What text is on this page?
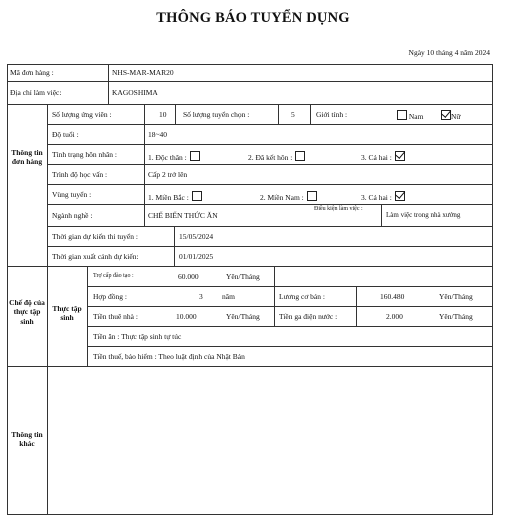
THÔNG BÁO TUYỂN DỤNG
Ngày 10 tháng 4 năm 2024
Mã đơn hàng :	NHS-MAR-MAR20
Địa chỉ làm việc:	KAGOSHIMA
Thông tin đơn hàng
Số lượng ứng viên :	10 Số lượng tuyển chọn :	5	Giới tính :	Nam	Nữ
Độ tuổi :	18~40
Tình trạng hôn nhân :	1. Độc thân :	2. Đã kết hôn :	3. Cả hai :
Trình độ học vấn :	Cấp 2 trở lên
Vùng tuyển :	1. Miền Bắc :	2. Miền Nam :	3. Cả hai :
Ngành nghề :	CHẾ BIẾN THỨC ĂN
Điều kiện làm việc :
Làm việc trong nhà xưởng
Thời gian dự kiến thi tuyển :	15/05/2024
Thời gian xuất cảnh dự kiến:	01/01/2025
Chế độ của thực tập sinh
Thực tập sinh
Trợ cấp đào tạo :	60.000	Yên/Tháng
Hợp đồng :	3	năm	Lương cơ bản :	160.480	Yên/Tháng
Tiền thuê nhà :	10.000	Yên/Tháng	Tiền ga điện nước :	2.000	Yên/Tháng
Tiền ăn : Thực tập sinh tự túc
Tiền thuế, bảo hiểm : Theo luật định của Nhật Bản
Thông tin khác
